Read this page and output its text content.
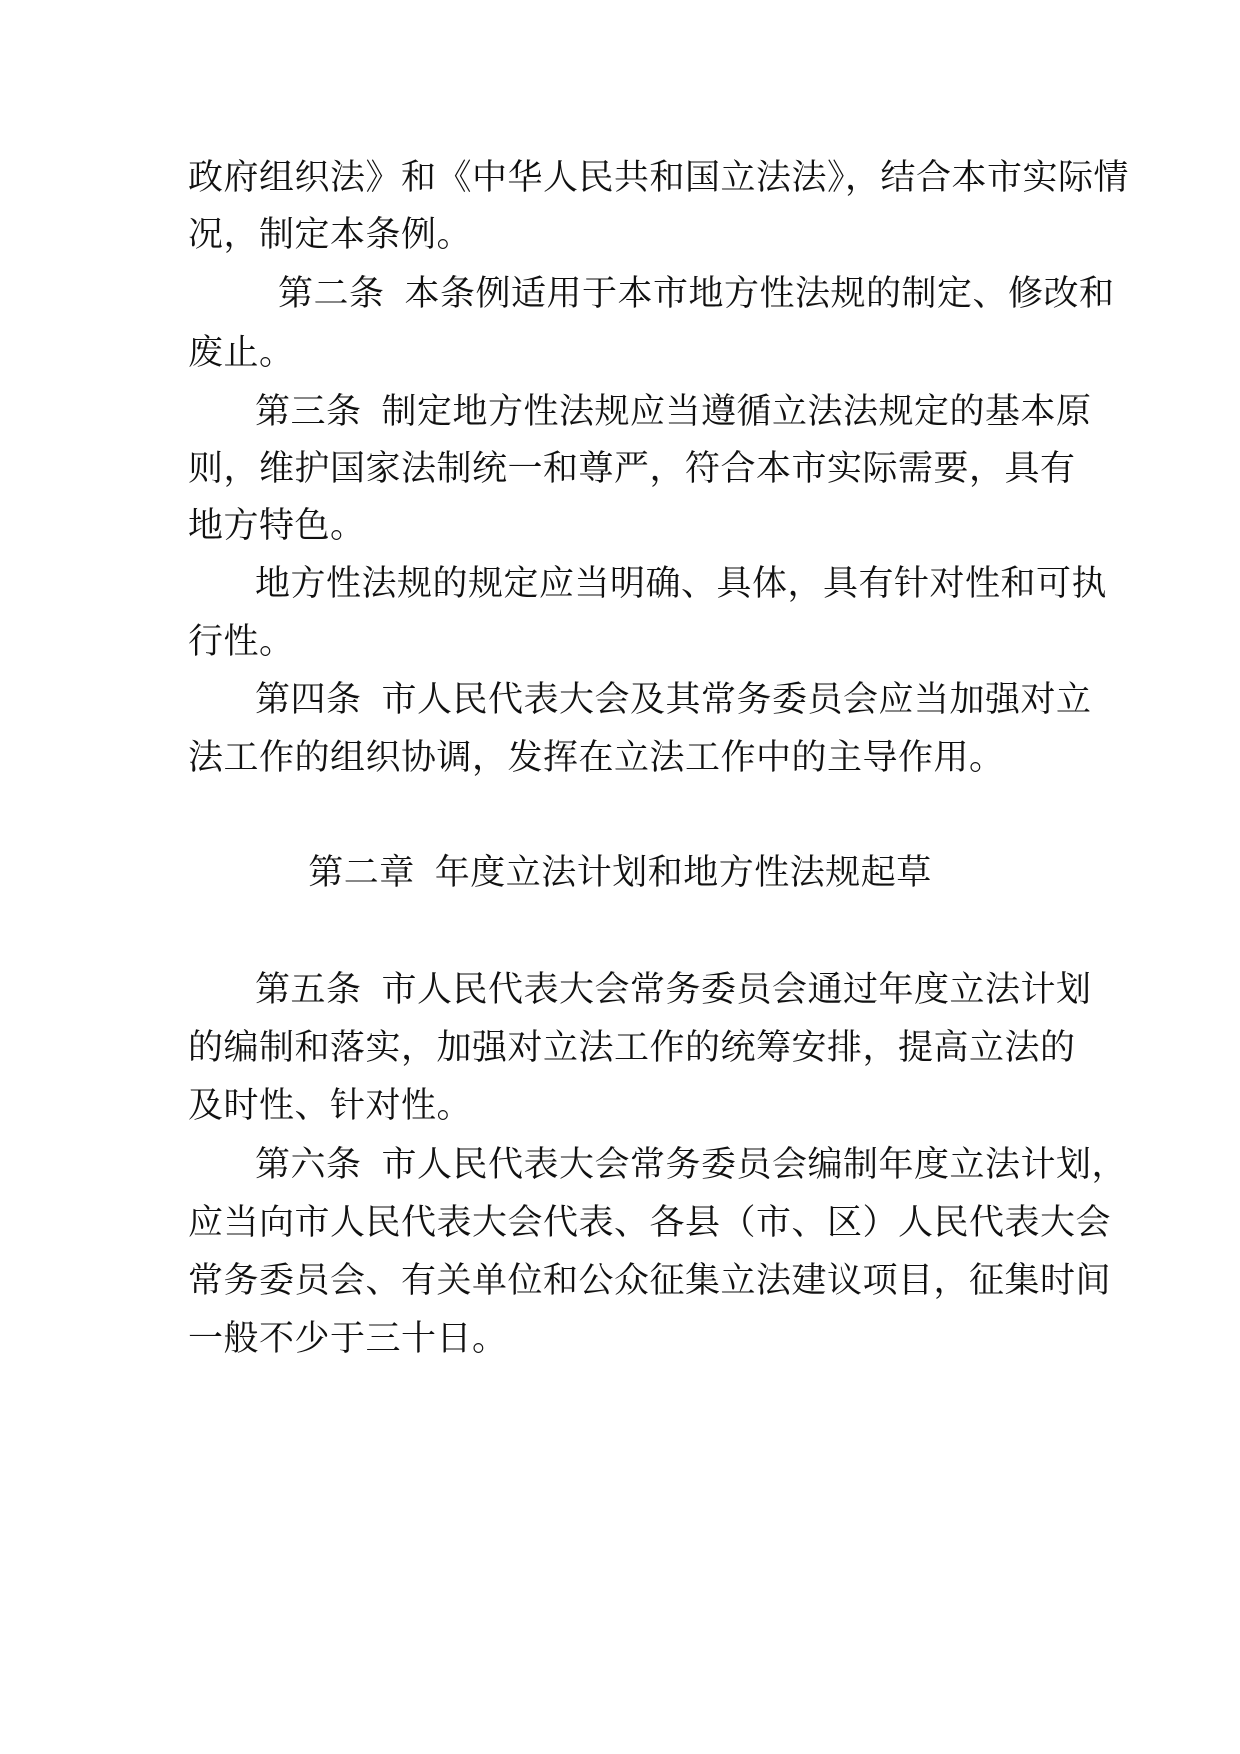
政府组织法》和《中华人民共和国立法法》，结合本市实际情
况，制定本条例。
第二条 本条例适用于本市地方性法规的制定、修改和
废止。
第三条 制定地方性法规应当遵循立法法规定的基本原
则，维护国家法制统一和尊严，符合本市实际需要，具有
地方特色。
地方性法规的规定应当明确、具体，具有针对性和可执
行性。
第四条 市人民代表大会及其常务委员会应当加强对立
法工作的组织协调，发挥在立法工作中的主导作用。
第二章 年度立法计划和地方性法规起草
第五条 市人民代表大会常务委员会通过年度立法计划
的编制和落实，加强对立法工作的统筹安排，提高立法的
及时性、针对性。
第六条 市人民代表大会常务委员会编制年度立法计划，
应当向市人民代表大会代表、各县（市、区）人民代表大会
常务委员会、有关单位和公众征集立法建议项目，征集时间
一般不少于三十日。
